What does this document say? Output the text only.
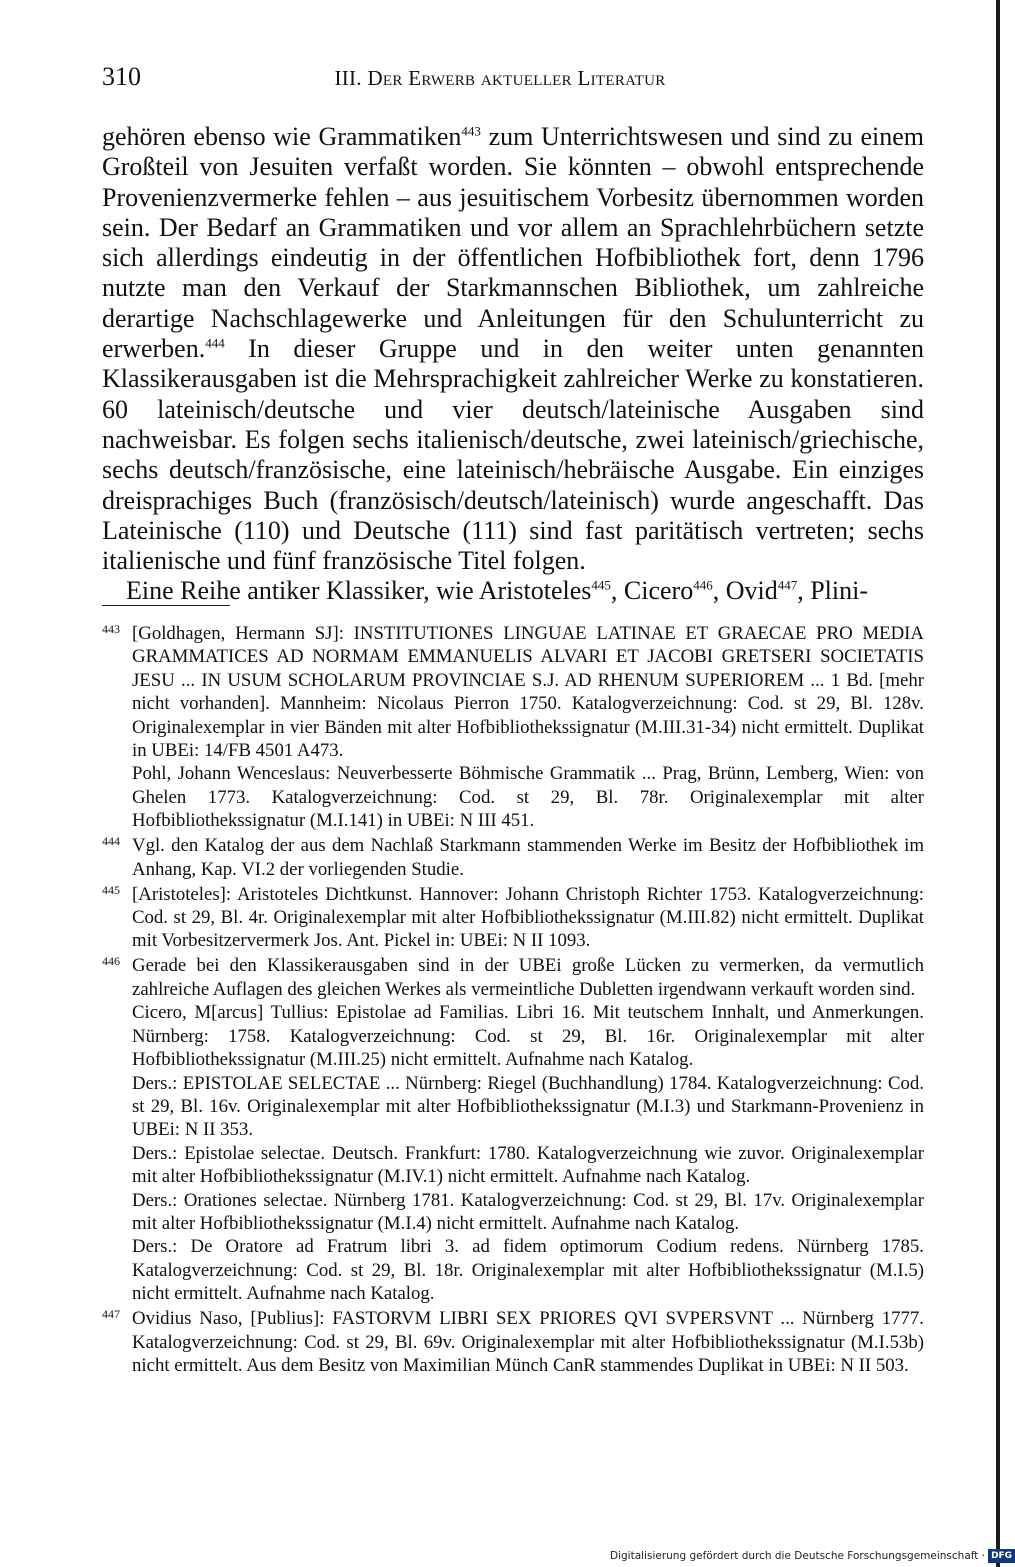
310	III. Der Erwerb aktueller Literatur

gehören ebenso wie Grammatiken$^{443}$ zum Unterrichtswesen und sind zu einem Großteil von Jesuiten verfaßt worden. Sie könnten – obwohl entsprechende Provenienzvermerke fehlen – aus jesuitischem Vorbesitz übernommen worden sein. Der Bedarf an Grammatiken und vor allem an Sprachlehrbüchern setzte sich allerdings eindeutig in der öffentlichen Hofbibliothek fort, denn 1796 nutzte man den Verkauf der Starkmannschen Bibliothek, um zahlreiche derartige Nachschlagewerke und Anleitungen für den Schulunterricht zu erwerben.$^{444}$ In dieser Gruppe und in den weiter unten genannten Klassikerausgaben ist die Mehrsprachigkeit zahlreicher Werke zu konstatieren. 60 lateinisch/deutsche und vier deutsch/lateinische Ausgaben sind nachweisbar. Es folgen sechs italienisch/deutsche, zwei lateinisch/griechische, sechs deutsch/französische, eine lateinisch/hebräische Ausgabe. Ein einziges dreisprachiges Buch (französisch/deutsch/lateinisch) wurde angeschafft. Das Lateinische (110) und Deutsche (111) sind fast paritätisch vertreten; sechs italienische und fünf französische Titel folgen.

Eine Reihe antiker Klassiker, wie Aristoteles$^{445}$, Cicero$^{446}$, Ovid$^{447}$, Plini-

443 [Goldhagen, Hermann SJ]: INSTITUTIONES LINGUAE LATINAE ET GRAECAE PRO MEDIA GRAMMATICES AD NORMAM EMMANUELIS ALVARI ET JACOBI GRETSERI SOCIETATIS JESU ... IN USUM SCHOLARUM PROVINCIAE S.J. AD RHENUM SUPERIOREM ... 1 Bd. [mehr nicht vorhanden]. Mannheim: Nicolaus Pierron 1750. Katalogverzeichnung: Cod. st 29, Bl. 128v. Originalexemplar in vier Bänden mit alter Hofbibliothekssignatur (M.III.31-34) nicht ermittelt. Duplikat in UBEi: 14/FB 4501 A473.

Pohl, Johann Wenceslaus: Neuverbesserte Böhmische Grammatik ... Prag, Brünn, Lemberg, Wien: von Ghelen 1773. Katalogverzeichnung: Cod. st 29, Bl. 78r. Originalexemplar mit alter Hofbibliothekssignatur (M.I.141) in UBEi: N III 451.

444 Vgl. den Katalog der aus dem Nachlaß Starkmann stammenden Werke im Besitz der Hofbibliothek im Anhang, Kap. VI.2 der vorliegenden Studie.

445 [Aristoteles]: Aristoteles Dichtkunst. Hannover: Johann Christoph Richter 1753. Katalogverzeichnung: Cod. st 29, Bl. 4r. Originalexemplar mit alter Hofbibliothekssignatur (M.III.82) nicht ermittelt. Duplikat mit Vorbesitzervermerk Jos. Ant. Pickel in: UBEi: N II 1093.

446 Gerade bei den Klassikerausgaben sind in der UBEi große Lücken zu vermerken, da vermutlich zahlreiche Auflagen des gleichen Werkes als vermeintliche Dubletten irgendwann verkauft worden sind.

Cicero, M[arcus] Tullius: Epistolae ad Familias. Libri 16. Mit teutschem Innhalt, und Anmerkungen. Nürnberg: 1758. Katalogverzeichnung: Cod. st 29, Bl. 16r. Originalexemplar mit alter Hofbibliothekssignatur (M.III.25) nicht ermittelt. Aufnahme nach Katalog.

Ders.: EPISTOLAE SELECTAE ... Nürnberg: Riegel (Buchhandlung) 1784. Katalogverzeichnung: Cod. st 29, Bl. 16v. Originalexemplar mit alter Hofbibliothekssignatur (M.I.3) und Starkmann-Provenienz in UBEi: N II 353.

Ders.: Epistolae selectae. Deutsch. Frankfurt: 1780. Katalogverzeichnung wie zuvor. Originalexemplar mit alter Hofbibliothekssignatur (M.IV.1) nicht ermittelt. Aufnahme nach Katalog.

Ders.: Orationes selectae. Nürnberg 1781. Katalogverzeichnung: Cod. st 29, Bl. 17v. Originalexemplar mit alter Hofbibliothekssignatur (M.I.4) nicht ermittelt. Aufnahme nach Katalog.

Ders.: De Oratore ad Fratrum libri 3. ad fidem optimorum Codium redens. Nürnberg 1785. Katalogverzeichnung: Cod. st 29, Bl. 18r. Originalexemplar mit alter Hofbibliothekssignatur (M.I.5) nicht ermittelt. Aufnahme nach Katalog.

447 Ovidius Naso, [Publius]: FASTORVM LIBRI SEX PRIORES QVI SVPERSVNT ... Nürnberg 1777. Katalogverzeichnung: Cod. st 29, Bl. 69v. Originalexemplar mit alter Hofbibliothekssignatur (M.I.53b) nicht ermittelt. Aus dem Besitz von Maximilian Münch CanR stammendes Duplikat in UBEi: N II 503.

Digitalisierung gefördert durch die Deutsche Forschungsgemeinschaft · DFG
